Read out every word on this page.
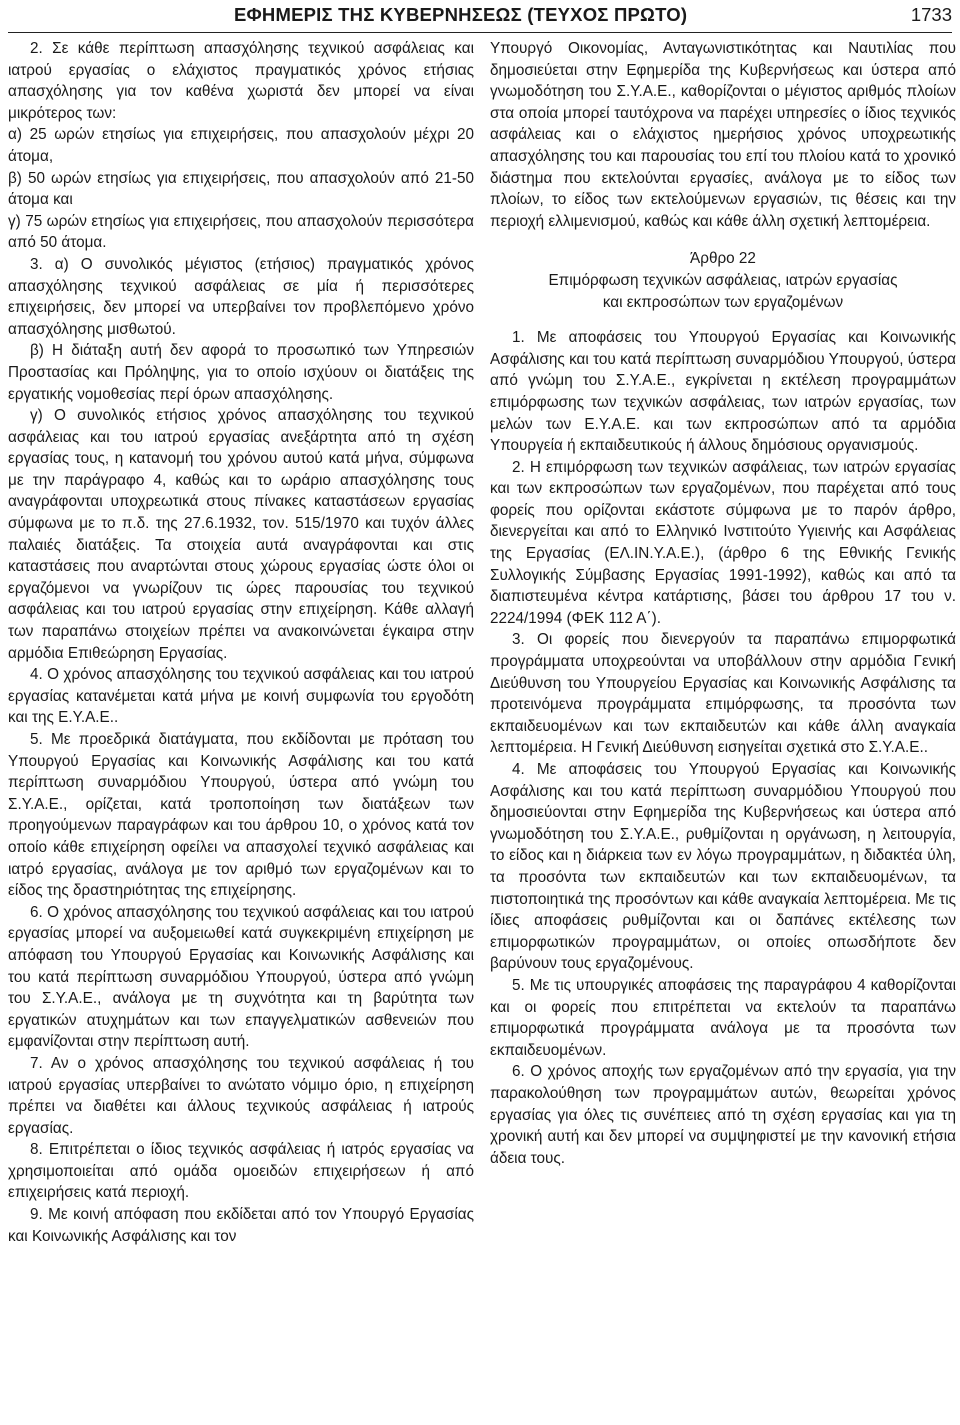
ΕΦΗΜΕΡΙΣ ΤΗΣ ΚΥΒΕΡΝΗΣΕΩΣ (ΤΕΥΧΟΣ ΠΡΩΤΟ)	1733

2. Σε κάθε περίπτωση απασχόλησης τεχνικού ασφάλειας και ιατρού εργασίας ο ελάχιστος πραγματικός χρόνος ετήσιας απασχόλησης για τον καθένα χωριστά δεν μπορεί να είναι μικρότερος των:

α) 25 ωρών ετησίως για επιχειρήσεις, που απασχολούν μέχρι 20 άτομα,

β) 50 ωρών ετησίως για επιχειρήσεις, που απασχολούν από 21-50 άτομα και

γ) 75 ωρών ετησίως για επιχειρήσεις, που απασχολούν περισσότερα από 50 άτομα.

3. α) Ο συνολικός μέγιστος (ετήσιος) πραγματικός χρόνος απασχόλησης τεχνικού ασφάλειας σε μία ή περισσότερες επιχειρήσεις, δεν μπορεί να υπερβαίνει τον προβλεπόμενο χρόνο απασχόλησης μισθωτού.

β) Η διάταξη αυτή δεν αφορά το προσωπικό των Υπηρεσιών Προστασίας και Πρόληψης, για το οποίο ισχύουν οι διατάξεις της εργατικής νομοθεσίας περί όρων απασχόλησης.

γ) Ο συνολικός ετήσιος χρόνος απασχόλησης του τεχνικού ασφάλειας και του ιατρού εργασίας ανεξάρτητα από τη σχέση εργασίας τους, η κατανομή του χρόνου αυτού κατά μήνα, σύμφωνα με την παράγραφο 4, καθώς και το ωράριο απασχόλησης τους αναγράφονται υποχρεωτικά στους πίνακες καταστάσεων εργασίας σύμφωνα με το π.δ. της 27.6.1932, τον. 515/1970 και τυχόν άλλες παλαιές διατάξεις. Τα στοιχεία αυτά αναγράφονται και στις καταστάσεις που αναρτώνται στους χώρους εργασίας ώστε όλοι οι εργαζόμενοι να γνωρίζουν τις ώρες παρουσίας του τεχνικού ασφάλειας και του ιατρού εργασίας στην επιχείρηση. Κάθε αλλαγή των παραπάνω στοιχείων πρέπει να ανακοινώνεται έγκαιρα στην αρμόδια Επιθεώρηση Εργασίας.

4. Ο χρόνος απασχόλησης του τεχνικού ασφάλειας και του ιατρού εργασίας κατανέμεται κατά μήνα με κοινή συμφωνία του εργοδότη και της Ε.Υ.Α.Ε..

5. Με προεδρικά διατάγματα, που εκδίδονται με πρόταση του Υπουργού Εργασίας και Κοινωνικής Ασφάλισης και του κατά περίπτωση συναρμόδιου Υπουργού, ύστερα από γνώμη του Σ.Υ.Α.Ε., ορίζεται, κατά τροποποίηση των διατάξεων των προηγούμενων παραγράφων και του άρθρου 10, ο χρόνος κατά τον οποίο κάθε επιχείρηση οφείλει να απασχολεί τεχνικό ασφάλειας και ιατρό εργασίας, ανάλογα με τον αριθμό των εργαζομένων και το είδος της δραστηριότητας της επιχείρησης.

6. Ο χρόνος απασχόλησης του τεχνικού ασφάλειας και του ιατρού εργασίας μπορεί να αυξομειωθεί κατά συγκεκριμένη επιχείρηση με απόφαση του Υπουργού Εργασίας και Κοινωνικής Ασφάλισης και του κατά περίπτωση συναρμόδιου Υπουργού, ύστερα από γνώμη του Σ.Υ.Α.Ε., ανάλογα με τη συχνότητα και τη βαρύτητα των εργατικών ατυχημάτων και των επαγγελματικών ασθενειών που εμφανίζονται στην περίπτωση αυτή.

7. Αν ο χρόνος απασχόλησης του τεχνικού ασφάλειας ή του ιατρού εργασίας υπερβαίνει το ανώτατο νόμιμο όριο, η επιχείρηση πρέπει να διαθέτει και άλλους τεχνικούς ασφάλειας ή ιατρούς εργασίας.

8. Επιτρέπεται ο ίδιος τεχνικός ασφάλειας ή ιατρός εργασίας να χρησιμοποιείται από ομάδα ομοειδών επιχειρήσεων ή από επιχειρήσεις κατά περιοχή.

9. Με κοινή απόφαση που εκδίδεται από τον Υπουργό Εργασίας και Κοινωνικής Ασφάλισης και τον

Υπουργό Οικονομίας, Ανταγωνιστικότητας και Ναυτιλίας που δημοσιεύεται στην Εφημερίδα της Κυβερνήσεως και ύστερα από γνωμοδότηση του Σ.Υ.Α.Ε., καθορίζονται ο μέγιστος αριθμός πλοίων στα οποία μπορεί ταυτόχρονα να παρέχει υπηρεσίες ο ίδιος τεχνικός ασφάλειας και ο ελάχιστος ημερήσιος χρόνος υποχρεωτικής απασχόλησης του και παρουσίας του επί του πλοίου κατά το χρονικό διάστημα που εκτελούνται εργασίες, ανάλογα με το είδος των πλοίων, το είδος των εκτελούμενων εργασιών, τις θέσεις και την περιοχή ελλιμενισμού, καθώς και κάθε άλλη σχετική λεπτομέρεια.

Άρθρο 22

Επιμόρφωση τεχνικών ασφάλειας, ιατρών εργασίας

και εκπροσώπων των εργαζομένων

1. Με αποφάσεις του Υπουργού Εργασίας και Κοινωνικής Ασφάλισης και του κατά περίπτωση συναρμόδιου Υπουργού, ύστερα από γνώμη του Σ.Υ.Α.Ε., εγκρίνεται η εκτέλεση προγραμμάτων επιμόρφωσης των τεχνικών ασφάλειας, των ιατρών εργασίας, των μελών των Ε.Υ.Α.Ε. και των εκπροσώπων από τα αρμόδια Υπουργεία ή εκπαιδευτικούς ή άλλους δημόσιους οργανισμούς.

2. Η επιμόρφωση των τεχνικών ασφάλειας, των ιατρών εργασίας και των εκπροσώπων των εργαζομένων, που παρέχεται από τους φορείς που ορίζονται εκάστοτε σύμφωνα με το παρόν άρθρο, διενεργείται και από το Ελληνικό Ινστιτούτο Υγιεινής και Ασφάλειας της Εργασίας (ΕΛ.ΙΝ.Υ.Α.Ε.), (άρθρο 6 της Εθνικής Γενικής Συλλογικής Σύμβασης Εργασίας 1991-1992), καθώς και από τα διαπιστευμένα κέντρα κατάρτισης, βάσει του άρθρου 17 του ν. 2224/1994 (ΦΕΚ 112 Α΄).

3. Οι φορείς που διενεργούν τα παραπάνω επιμορφωτικά προγράμματα υποχρεούνται να υποβάλλουν στην αρμόδια Γενική Διεύθυνση του Υπουργείου Εργασίας και Κοινωνικής Ασφάλισης τα προτεινόμενα προγράμματα επιμόρφωσης, τα προσόντα των εκπαιδευομένων και των εκπαιδευτών και κάθε άλλη αναγκαία λεπτομέρεια. Η Γενική Διεύθυνση εισηγείται σχετικά στο Σ.Υ.Α.Ε..

4. Με αποφάσεις του Υπουργού Εργασίας και Κοινωνικής Ασφάλισης και του κατά περίπτωση συναρμόδιου Υπουργού που δημοσιεύονται στην Εφημερίδα της Κυβερνήσεως και ύστερα από γνωμοδότηση του Σ.Υ.Α.Ε., ρυθμίζονται η οργάνωση, η λειτουργία, το είδος και η διάρκεια των εν λόγω προγραμμάτων, η διδακτέα ύλη, τα προσόντα των εκπαιδευτών και των εκπαιδευομένων, τα πιστοποιητικά της προσόντων και κάθε αναγκαία λεπτομέρεια. Με τις ίδιες αποφάσεις ρυθμίζονται και οι δαπάνες εκτέλεσης των επιμορφωτικών προγραμμάτων, οι οποίες οπωσδήποτε δεν βαρύνουν τους εργαζομένους.

5. Με τις υπουργικές αποφάσεις της παραγράφου 4 καθορίζονται και οι φορείς που επιτρέπεται να εκτελούν τα παραπάνω επιμορφωτικά προγράμματα ανάλογα με τα προσόντα των εκπαιδευομένων.

6. Ο χρόνος αποχής των εργαζομένων από την εργασία, για την παρακολούθηση των προγραμμάτων αυτών, θεωρείται χρόνος εργασίας για όλες τις συνέπειες από τη σχέση εργασίας και για τη χρονική αυτή και δεν μπορεί να συμψηφιστεί με την κανονική ετήσια άδεια τους.
